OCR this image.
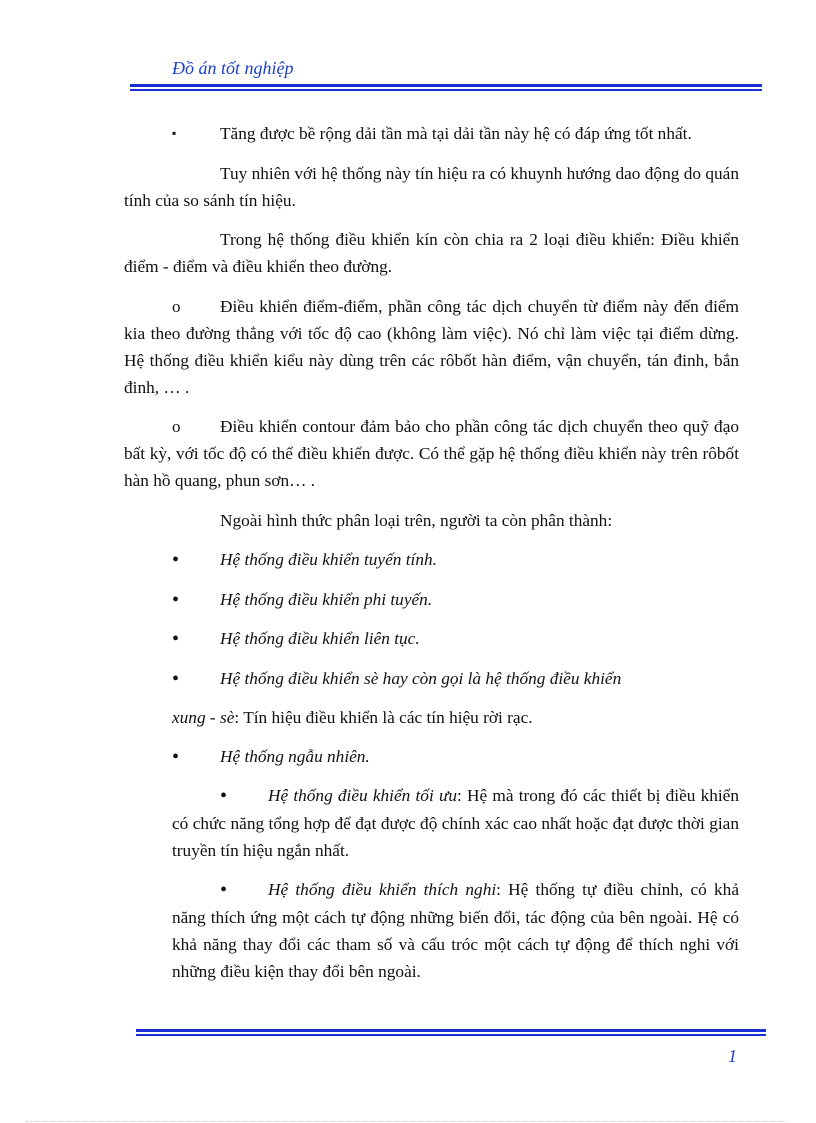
Đồ án tốt nghiệp

▪	Tăng được bề rộng dải tần mà tại dải tần này hệ có đáp ứng tốt nhất.

Tuy nhiên với hệ thống này tín hiệu ra có khuynh hướng dao động do quán tính của so sánh tín hiệu.

Trong hệ thống điều khiển kín còn chia ra 2 loại điều khiển: Điều khiển điểm - điểm và điều khiển theo đường.

o Điều khiển điểm-điểm, phần công tác dịch chuyển từ điểm này đến điểm kia theo đường thẳng với tốc độ cao (không làm việc). Nó chỉ làm việc tại điểm dừng. Hệ thống điều khiển kiểu này dùng trên các rôbốt hàn điểm, vận chuyển, tán đinh, bắn đinh, … .

o Điều khiển contour đảm bảo cho phần công tác dịch chuyển theo quỹ đạo bất kỳ, với tốc độ có thể điều khiển được. Có thể gặp hệ thống điều khiển này trên rôbốt hàn hồ quang, phun sơn… .

Ngoài hình thức phân loại trên, người ta còn phân thành:

• Hệ thống điều khiển tuyến tính.

• Hệ thống điều khiển phi tuyến.

• Hệ thống điều khiển liên tục.

• Hệ thống điều khiển sè hay còn gọi là hệ thống điều khiển

xung - sè: Tín hiệu điều khiển là các tín hiệu rời rạc.

• Hệ thống ngẫu nhiên.

• Hệ thống điều khiển tối ưu: Hệ mà trong đó các thiết bị điều khiển có chức năng tổng hợp để đạt được độ chính xác cao nhất hoặc đạt được thời gian truyền tín hiệu ngắn nhất.

• Hệ thống điều khiển thích nghi: Hệ thống tự điều chỉnh, có khả năng thích ứng một cách tự động những biến đổi, tác động của bên ngoài. Hệ có khả năng thay đổi các tham số và cấu tróc một cách tự động để thích nghi với những điều kiện thay đổi bên ngoài.

1
